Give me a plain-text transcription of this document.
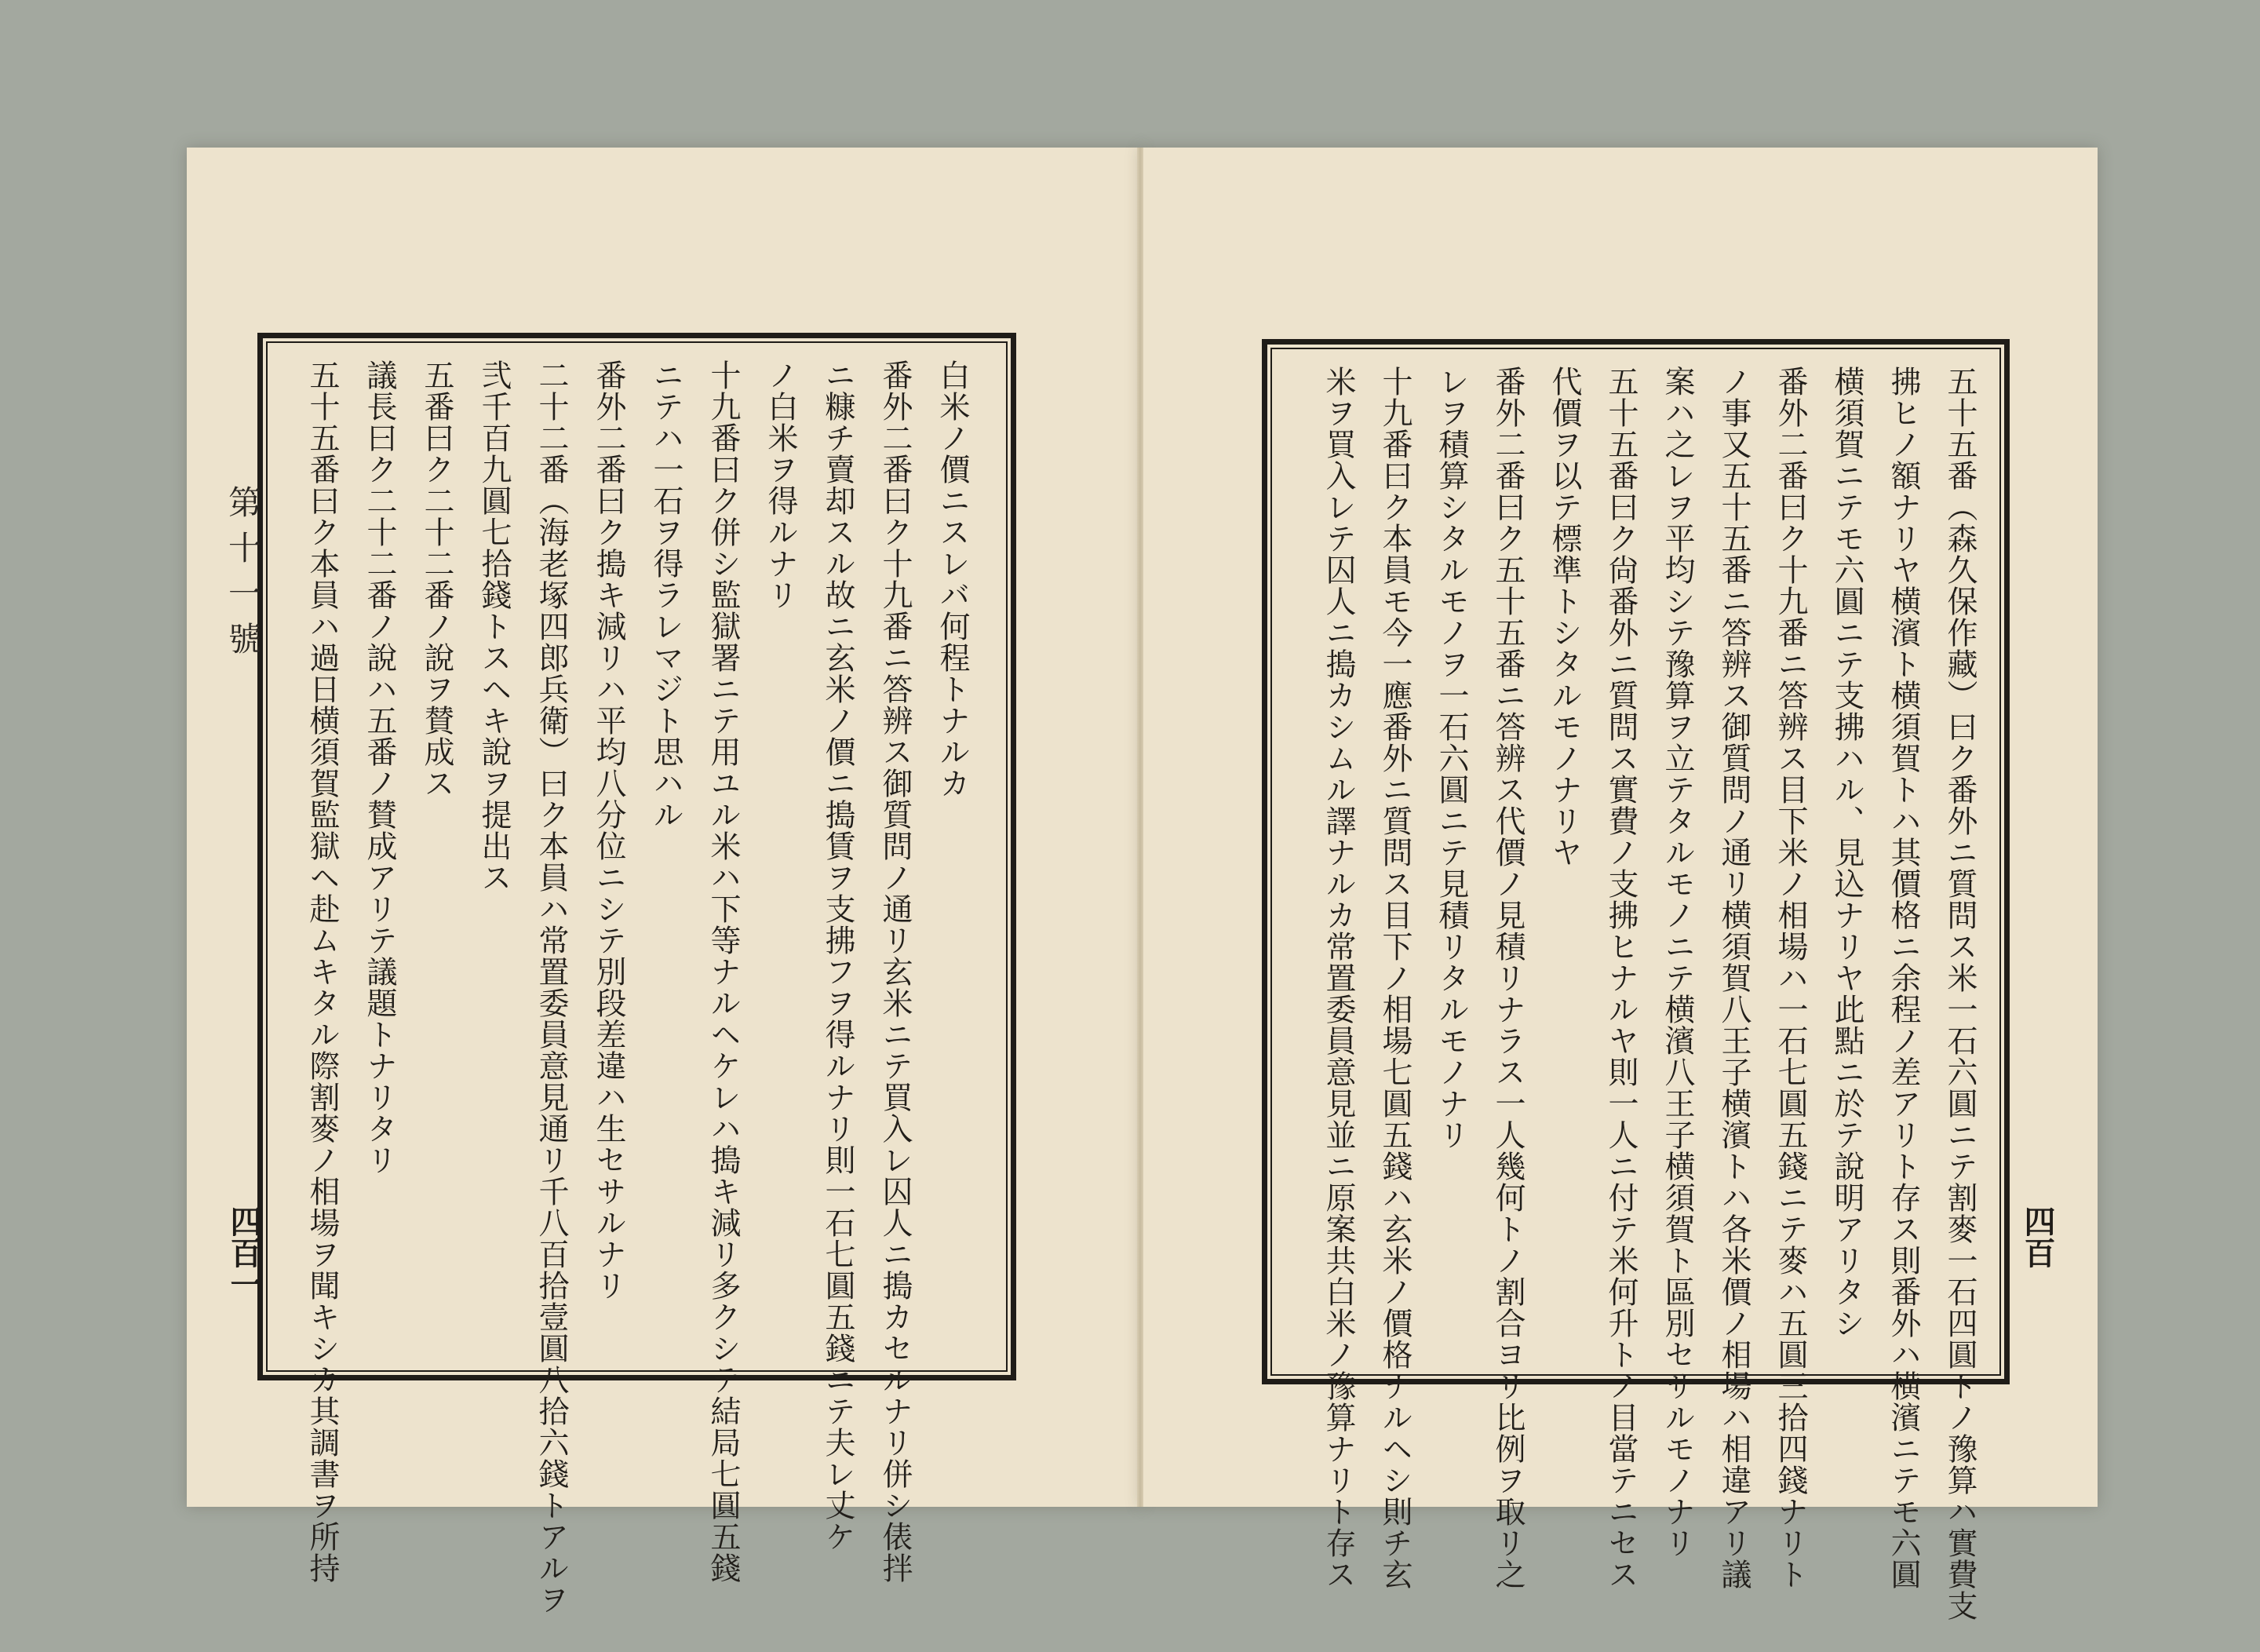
第十一號
四百一
白米ノ價ニスレバ何程トナルカ
番外二番曰ク十九番ニ答辨ス御質問ノ通リ玄米ニテ買入レ囚人ニ搗カセルナリ併シ俵拌
ニ糠チ賣却スル故ニ玄米ノ價ニ搗賃ヲ支拂フヲ得ルナリ則一石七圓五錢ニテ夫レ丈ケ
ノ白米ヲ得ルナリ
十九番曰ク併シ監獄署ニテ用ユル米ハ下等ナルヘケレハ搗キ減リ多クシテ結局七圓五錢
ニテハ一石ヲ得ラレマジト思ハル
番外二番曰ク搗キ減リハ平均八分位ニシテ別段差違ハ生セサルナリ
二十二番（海老塚四郎兵衛）曰ク本員ハ常置委員意見通リ千八百拾壹圓八拾六錢トアルヲ
弐千百九圓七拾錢トスヘキ說ヲ提出ス
五番曰ク二十二番ノ說ヲ賛成ス
議長曰ク二十二番ノ說ハ五番ノ賛成アリテ議題トナリタリ
五十五番曰ク本員ハ過日横須賀監獄ヘ赴ムキタル際割麥ノ相場ヲ聞キシカ其調書ヲ所持	四百
五十五番（森久保作藏）曰ク番外ニ質問ス米一石六圓ニテ割麥一石四圓トノ豫算ハ實費支
拂ヒノ額ナリヤ横濱ト横須賀トハ其價格ニ余程ノ差アリト存ス則番外ハ横濱ニテモ六圓
横須賀ニテモ六圓ニテ支拂ハル、見込ナリヤ此點ニ於テ說明アリタシ
番外二番曰ク十九番ニ答辨ス目下米ノ相場ハ一石七圓五錢ニテ麥ハ五圓三拾四錢ナリト
ノ事又五十五番ニ答辨ス御質問ノ通リ横須賀八王子横濱トハ各米價ノ相場ハ相違アリ議
案ハ之レヲ平均シテ豫算ヲ立テタルモノニテ横濱八王子横須賀ト區別セサルモノナリ
五十五番曰ク尙番外ニ質問ス實費ノ支拂ヒナルヤ則一人ニ付テ米何升トノ目當テニセス
代價ヲ以テ標準トシタルモノナリヤ
番外二番曰ク五十五番ニ答辨ス代價ノ見積リナラス一人幾何トノ割合ヨリ比例ヲ取リ之
レヲ積算シタルモノヲ一石六圓ニテ見積リタルモノナリ
十九番曰ク本員モ今一應番外ニ質問ス目下ノ相場七圓五錢ハ玄米ノ價格ナルヘシ則チ玄
米ヲ買入レテ囚人ニ搗カシムル譯ナルカ常置委員意見並ニ原案共白米ノ豫算ナリト存ス
